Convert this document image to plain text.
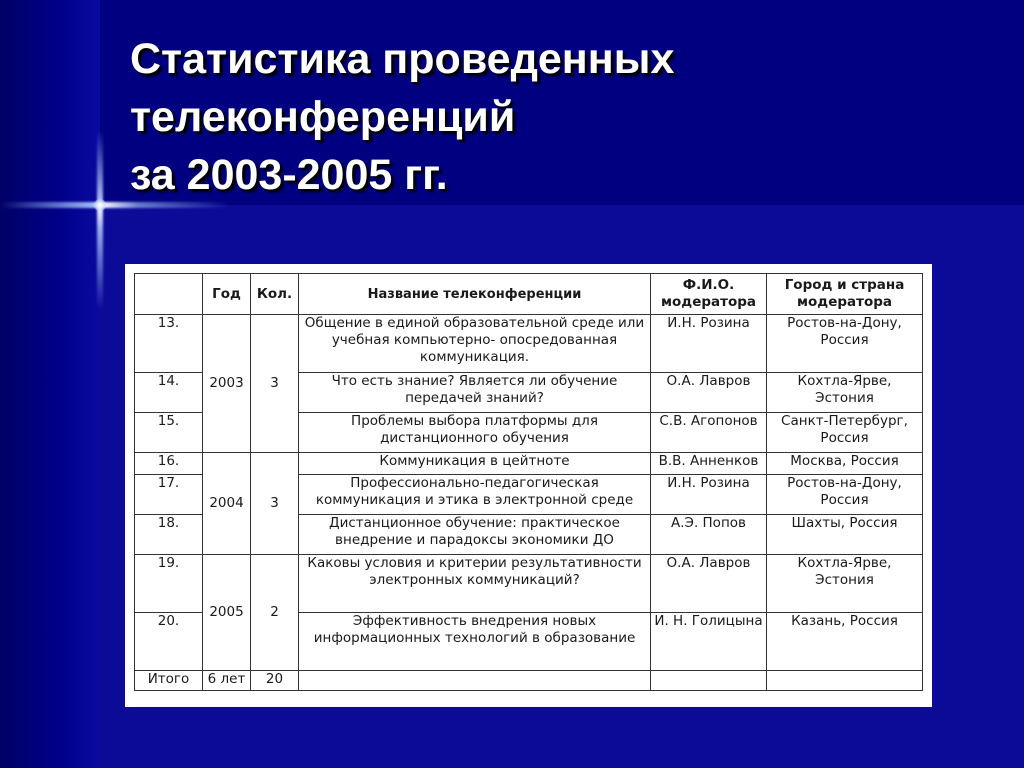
Статистика проведенных
телеконференций
за 2003-2005 гг.
	Год	Кол.	Название телеконференции	Ф.И.О. модератора	Город и страна модератора
13.	2003	3	Общение в единой образовательной среде или учебная компьютерно- опосредованная коммуникация.	И.Н. Розина	Ростов-на-Дону, Россия
14.			Что есть знание? Является ли обучение передачей знаний?	О.А. Лавров	Кохтла-Ярве, Эстония
15.			Проблемы выбора платформы для дистанционного обучения	С.В. Агопонов	Санкт-Петербург, Россия
16.	2004	3	Коммуникация в цейтноте	В.В. Анненков	Москва, Россия
17.			Профессионально-педагогическая коммуникация и этика в электронной среде	И.Н. Розина	Ростов-на-Дону, Россия
18.			Дистанционное обучение: практическое внедрение и парадоксы экономики ДО	А.Э. Попов	Шахты, Россия
19.	2005	2	Каковы условия и критерии результативности электронных коммуникаций?	О.А. Лавров	Кохтла-Ярве, Эстония
20.			Эффективность внедрения новых информационных технологий в образование	И. Н. Голицына	Казань, Россия
Итого	6 лет	20			
